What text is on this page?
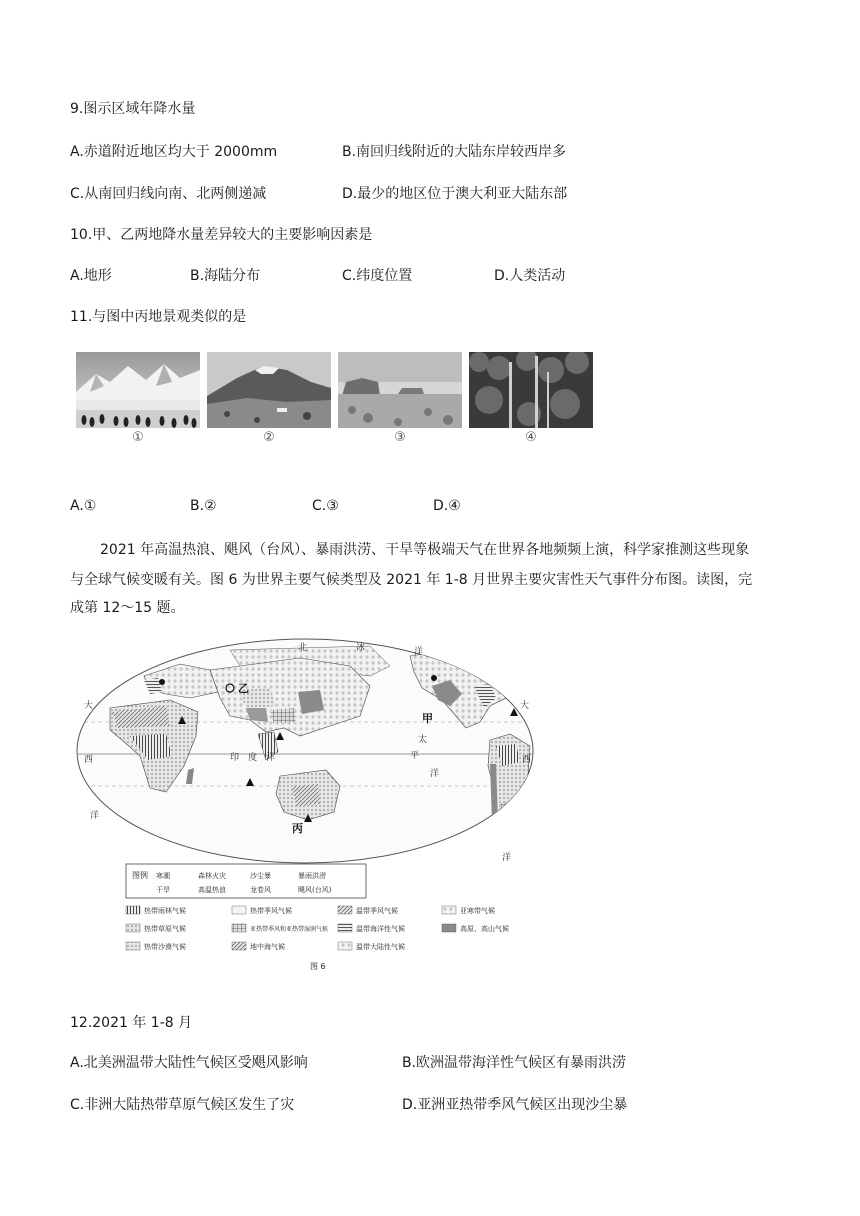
9.图示区域年降水量
A.赤道附近地区均大于 2000mm	B.南回归线附近的大陆东岸较西岸多
C.从南回归线向南、北两侧递减	D.最少的地区位于澳大利亚大陆东部
10.甲、乙两地降水量差异较大的主要影响因素是
A.地形	B.海陆分布	C.纬度位置	D.人类活动
11.与图中丙地景观类似的是
①	②	③	④
A.①	B.②	C.③	D.④
2021 年高温热浪、飓风（台风）、暴雨洪涝、干旱等极端天气在世界各地频频上演，科学家推测这些现象
与全球气候变暖有关。图 6 为世界主要气候类型及 2021 年 1-8 月世界主要灾害性天气事件分布图。读图，完
成第 12～15 题。
北	冰	洋
大	大
西
太
平
洋
印 度 洋
洋
洋
西
乙
甲
丙
图例 寒潮	森林火灾	沙尘暴	暴雨洪涝
干旱	高温热浪	龙卷风	飓风(台风)
热带雨林气候	热带季风气候	温带季风气候	亚寒带气候
热带草原气候	亚热带季风和亚热带湿润气候	温带海洋性气候	高原、高山气候
热带沙漠气候	地中海气候	温带大陆性气候
图 6
12.2021 年 1-8 月
A.北美洲温带大陆性气候区受飓风影响	B.欧洲温带海洋性气候区有暴雨洪涝
C.非洲大陆热带草原气候区发生了灾	D.亚洲亚热带季风气候区出现沙尘暴
